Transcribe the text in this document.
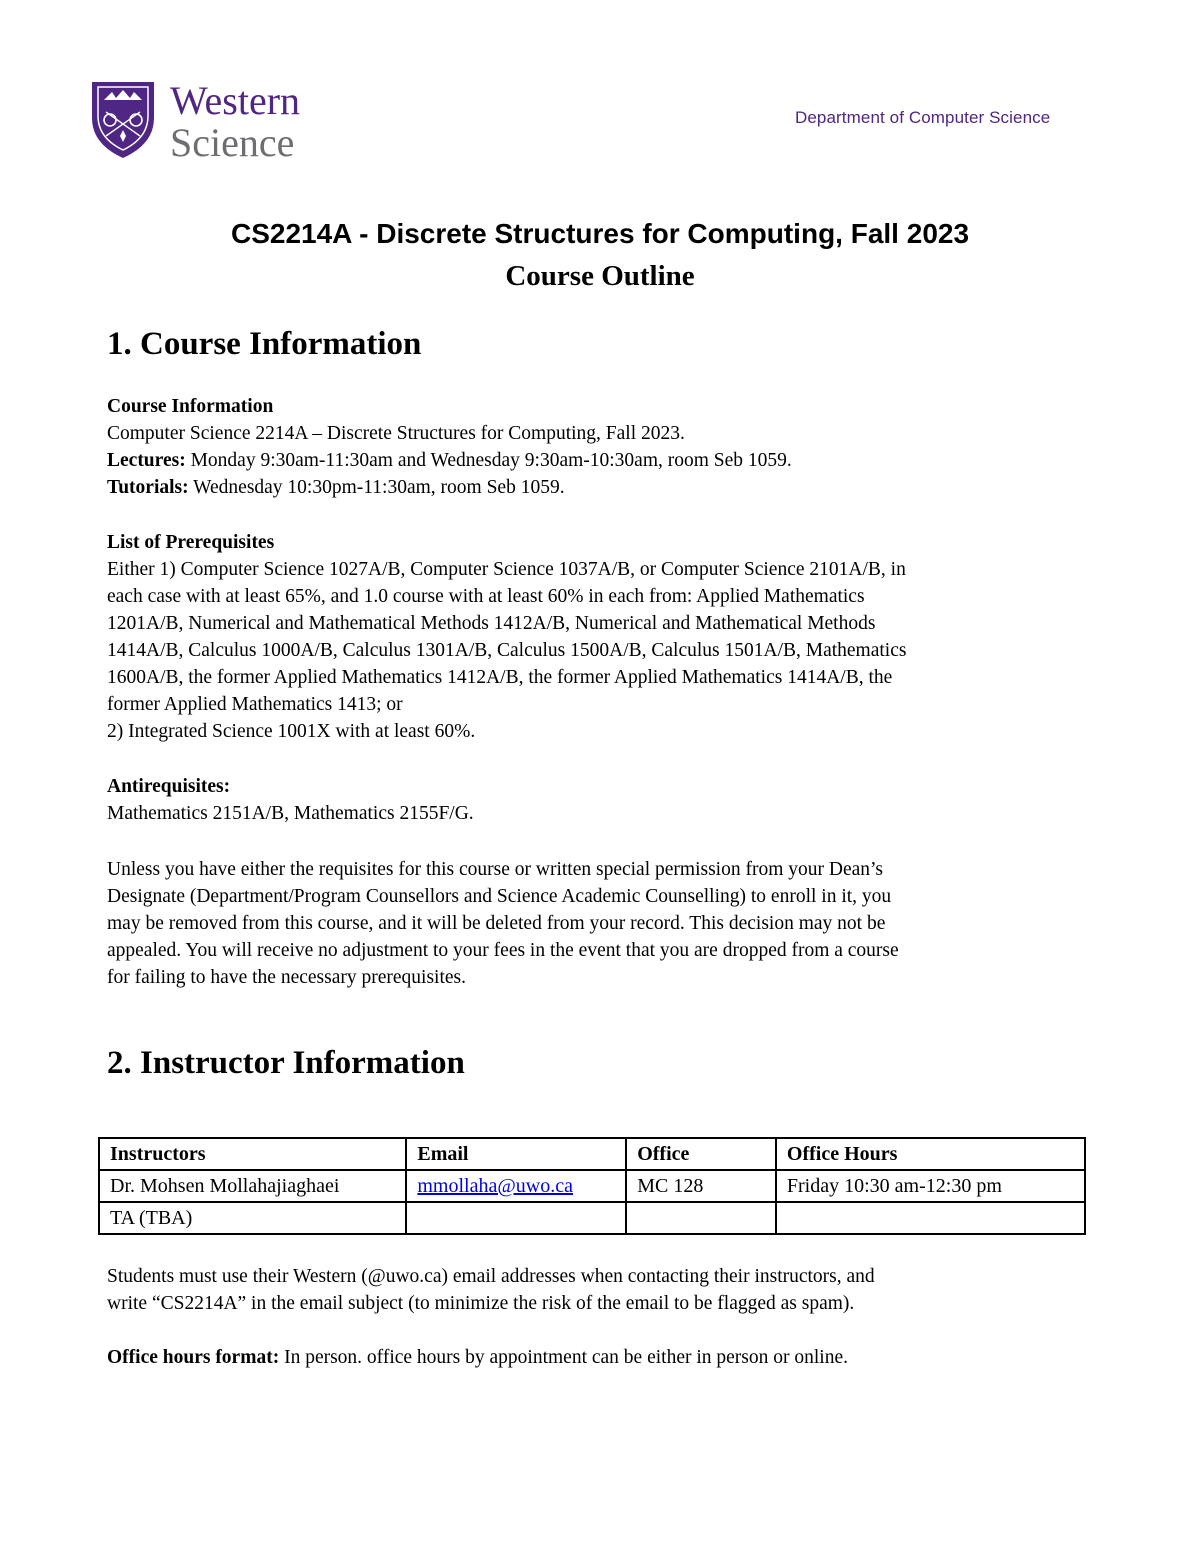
Western
Science
Department of Computer Science
CS2214A - Discrete Structures for Computing, Fall 2023
Course Outline
1. Course Information

Course Information

Computer Science 2214A – Discrete Structures for Computing, Fall 2023.

Lectures: Monday 9:30am-11:30am and Wednesday 9:30am-10:30am, room Seb 1059.

Tutorials: Wednesday 10:30pm-11:30am, room Seb 1059.

List of Prerequisites

Either 1) Computer Science 1027A/B, Computer Science 1037A/B, or Computer Science 2101A/B, in

each case with at least 65%, and 1.0 course with at least 60% in each from: Applied Mathematics

1201A/B, Numerical and Mathematical Methods 1412A/B, Numerical and Mathematical Methods

1414A/B, Calculus 1000A/B, Calculus 1301A/B, Calculus 1500A/B, Calculus 1501A/B, Mathematics

1600A/B, the former Applied Mathematics 1412A/B, the former Applied Mathematics 1414A/B, the

former Applied Mathematics 1413; or

2) Integrated Science 1001X with at least 60%.

Antirequisites:

Mathematics 2151A/B, Mathematics 2155F/G.

Unless you have either the requisites for this course or written special permission from your Dean’s

Designate (Department/Program Counsellors and Science Academic Counselling) to enroll in it, you

may be removed from this course, and it will be deleted from your record. This decision may not be

appealed. You will receive no adjustment to your fees in the event that you are dropped from a course

for failing to have the necessary prerequisites.

2. Instructor Information
Instructors	Email	Office	Office Hours
Dr. Mohsen Mollahajiaghaei	mmollaha@uwo.ca	MC 128	Friday 10:30 am-12:30 pm
TA (TBA)			

Students must use their Western (@uwo.ca) email addresses when contacting their instructors, and

write “CS2214A” in the email subject (to minimize the risk of the email to be flagged as spam).

Office hours format: In person. office hours by appointment can be either in person or online.
